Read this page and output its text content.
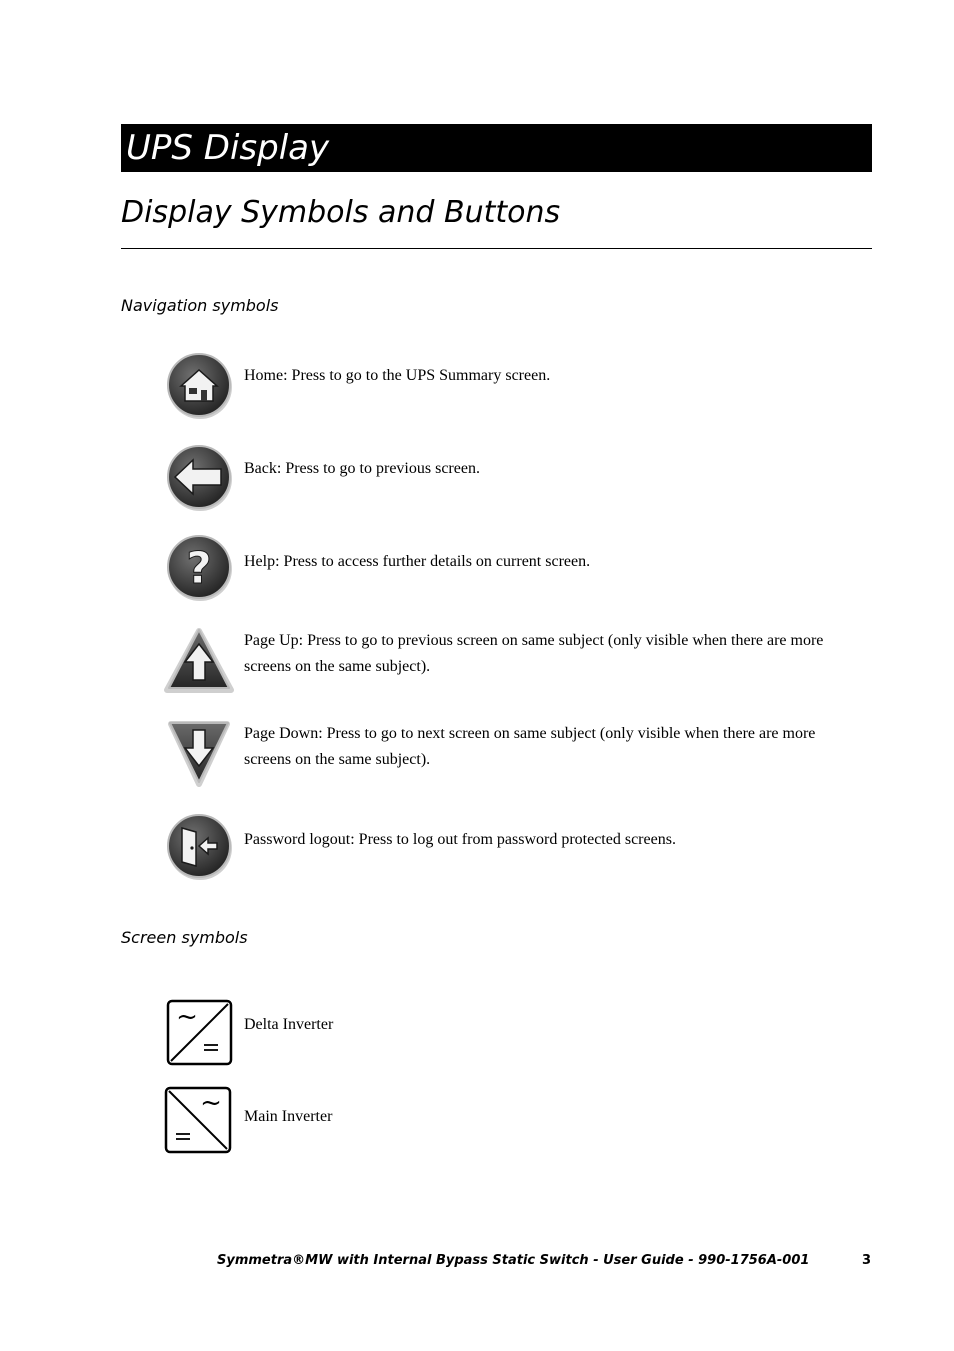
UPS Display
Display Symbols and Buttons
Navigation symbols
Home: Press to go to the UPS Summary screen.
Back: Press to go to previous screen.
? Help: Press to access further details on current screen.
Page Up: Press to go to previous screen on same subject (only visible when there are more screens on the same subject).
Page Down: Press to go to next screen on same subject (only visible when there are more screens on the same subject).
Password logout: Press to log out from password protected screens.
Screen symbols
~	Delta Inverter
~ Main Inverter
Symmetra®MW with Internal Bypass Static Switch - User Guide - 990-1756A-001	3
